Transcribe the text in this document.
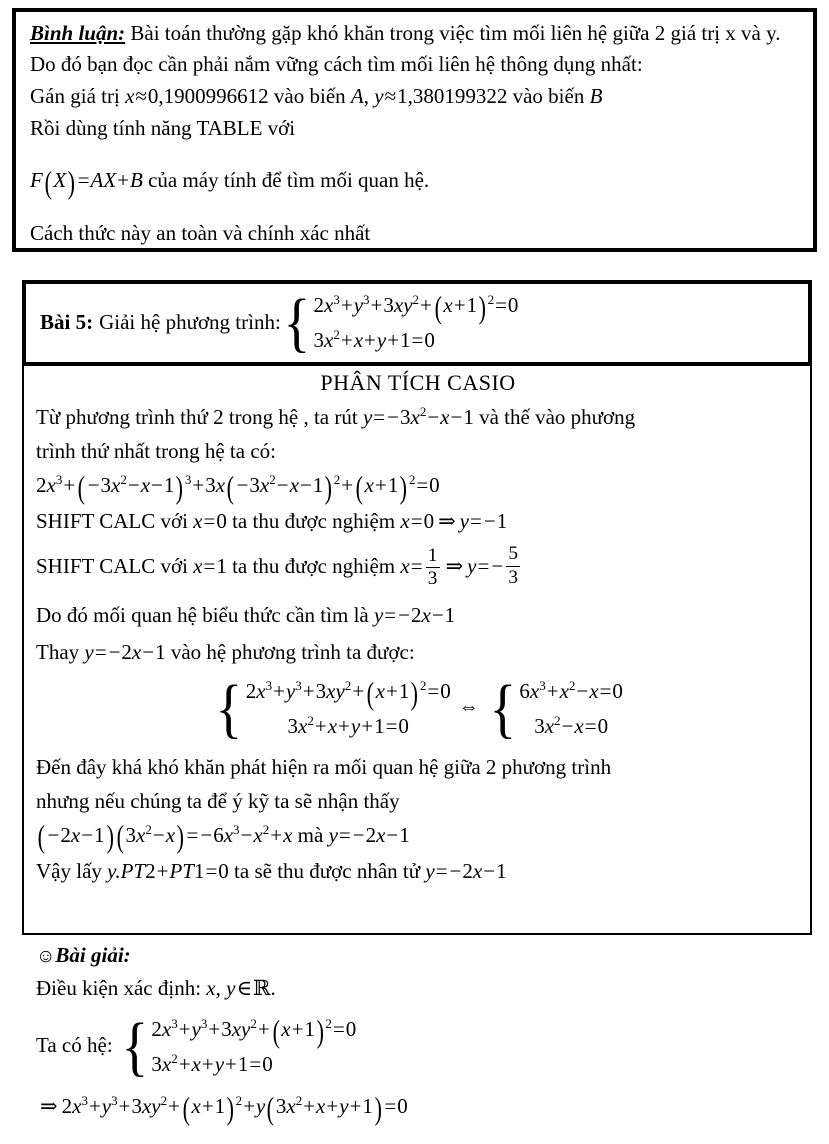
Bình luận: Bài toán thường gặp khó khăn trong việc tìm mối liên hệ giữa 2 giá trị x và y. Do đó bạn đọc cần phải nắm vững cách tìm mối liên hệ thông dụng nhất:

Gán giá trị x≈0,1900996612 vào biến A, y≈1,380199322 vào biến B

Rồi dùng tính năng TABLE với

F(X) =AX+B của máy tính để tìm mối quan hệ.

Cách thức này an toàn và chính xác nhất

Bài 5: Giải hệ phương trình: { $2x^3+y^3+3xy^2+(x+1)$ $^2$=0
$3x^2+x+y+1=0$
PHÂN TÍCH CASIO

Từ phương trình thứ 2 trong hệ , ta rút $y=-3x^2-x-1$ và thế vào phương

trình thứ nhất trong hệ ta có:

$2x^3+( -3x^2-x-1)$ $^3+3x( -3x^2-x-1)$ $^2$+(x+1) $^2$=0

SHIFT CALC với x=0 ta thu được nghiệm x=0 ⇒ y=−1

SHIFT CALC với x=1 ta thu được nghiệm $x= \frac{1}{3}$ ⇒ y = − $\frac{5}{3}$

Do đó mối quan hệ biểu thức cần tìm là y=−2x−1

Thay y=−2x−1 vào hệ phương trình ta được:

{ $2x^3+y^3+3xy^2+(x+1)$ $^2$=0
$3x^2+x+y+1=0$
⇔ { $6x^3+x^2-x=0$
$3x^2-x=0$

Đến đây khá khó khăn phát hiện ra mối quan hệ giữa 2 phương trình

nhưng nếu chúng ta để ý kỹ ta sẽ nhận thấy

( −2x−1) $(3x^2-x) =-6x^3-x^2+x$ mà y=−2x−1

Vậy lấy y.PT2+PT1=0 ta sẽ thu được nhân tử y=−2x−1

☺Bài giải:

Điều kiện xác định: x, y∈ℝ.

Ta có hệ: { $2x^3+y^3+3xy^2+(x+1)$ $^2$=0
$3x^2+x+y+1=0$

⇒ $2x^3+y^3+3xy^2+(x+1)$ $^2+y(3x^2+x+y+1) =0$
